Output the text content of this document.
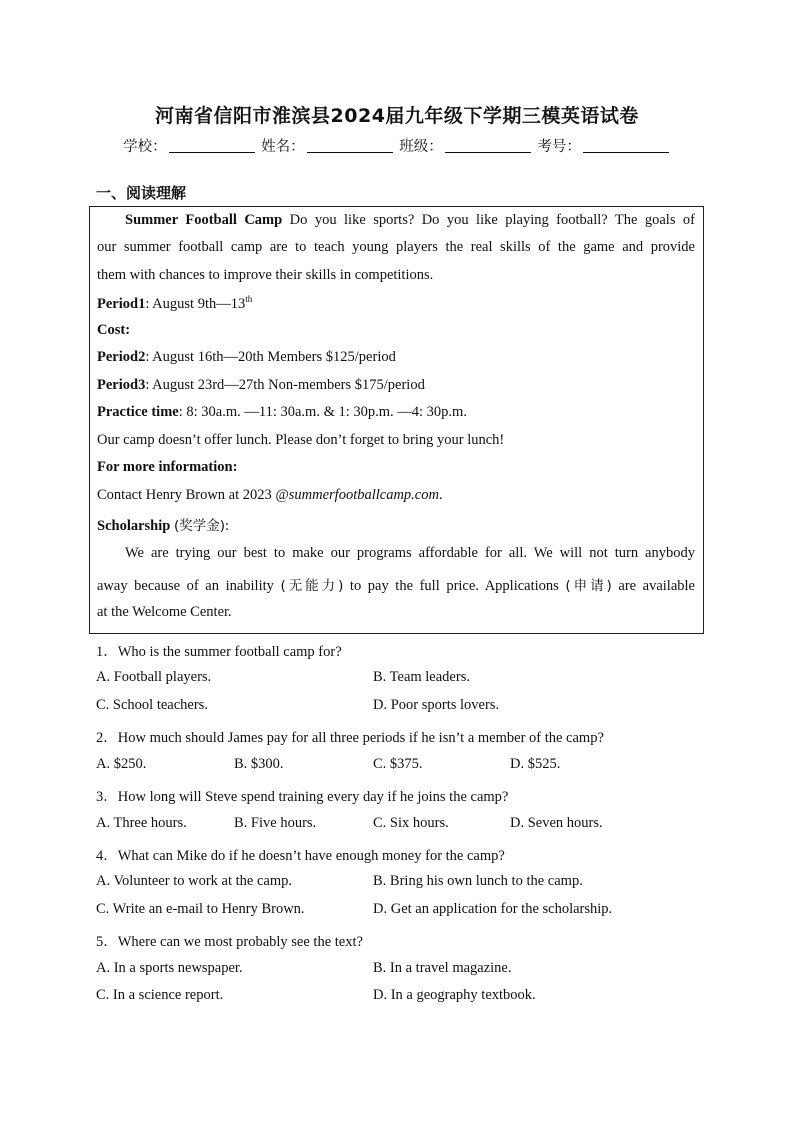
河南省信阳市淮滨县2024届九年级下学期三模英语试卷
学校：	姓名：	班级：	考号：
一、阅读理解
Summer Football Camp Do you like sports? Do you like playing football? The goals of
our summer football camp are to teach young players the real skills of the game and provide
them with chances to improve their skills in competitions.
Period1: August 9th—13th
Cost:
Period2: August 16th—20th Members $125/period
Period3: August 23rd—27th Non-members $175/period
Practice time: 8: 30a.m. —11: 30a.m. & 1: 30p.m. —4: 30p.m.
Our camp doesn’t offer lunch. Please don’t forget to bring your lunch!
For more information:
Contact Henry Brown at 2023 @summerfootballcamp.com.
Scholarship (奖学金):
We are trying our best to make our programs affordable for all. We will not turn anybody
away because of an inability (无能力) to pay the full price. Applications (申请) are available
at the Welcome Center.
1．Who is the summer football camp for?
A. Football players.	B. Team leaders.
C. School teachers.	D. Poor sports lovers.
2．How much should James pay for all three periods if he isn’t a member of the camp?
A. $250.	B. $300.	C. $375.	D. $525.
3．How long will Steve spend training every day if he joins the camp?
A. Three hours.	B. Five hours.	C. Six hours.	D. Seven hours.
4．What can Mike do if he doesn’t have enough money for the camp?
A. Volunteer to work at the camp.	B. Bring his own lunch to the camp.
C. Write an e-mail to Henry Brown.	D. Get an application for the scholarship.
5．Where can we most probably see the text?
A. In a sports newspaper.	B. In a travel magazine.
C. In a science report.	D. In a geography textbook.
